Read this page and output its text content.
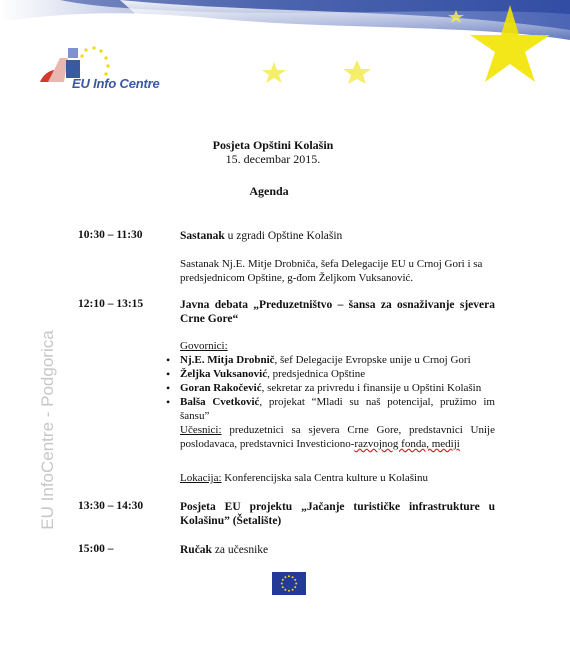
EU Info Centre
EU InfoCentre - Podgorica
Posjeta Opštini Kolašin
15. decembar 2015.
Agenda
10:30 – 11:30	Sastanak u zgradi Opštine Kolašin
Sastanak Nj.E. Mitje Drobniča, šefa Delegacije EU u Crnoj Gori i sa predsjednicom Opštine, g-đom Željkom Vuksanović.
12:10 – 13:15	Javna debata „Preduzetništvo – šansa za osnaživanje sjevera Crne Gore“
Govornici:
• Nj.E. Mitja Drobnič, šef Delegacije Evropske unije u Crnoj Gori
• Željka Vuksanović, predsjednica Opštine
• Goran Rakočević, sekretar za privredu i finansije u Opštini Kolašin
• Balša Cvetković, projekat “Mladi su naš potencijal, pružimo im šansu”
Učesnici: preduzetnici sa sjevera Crne Gore, predstavnici Unije poslodavaca, predstavnici Investiciono-razvojnog fonda, mediji
Lokacija: Konferencijska sala Centra kulture u Kolašinu
13:30 – 14:30	Posjeta EU projektu „Jačanje turističke infrastrukture u Kolašinu” (Šetalište)
15:00 –	Ručak za učesnike
